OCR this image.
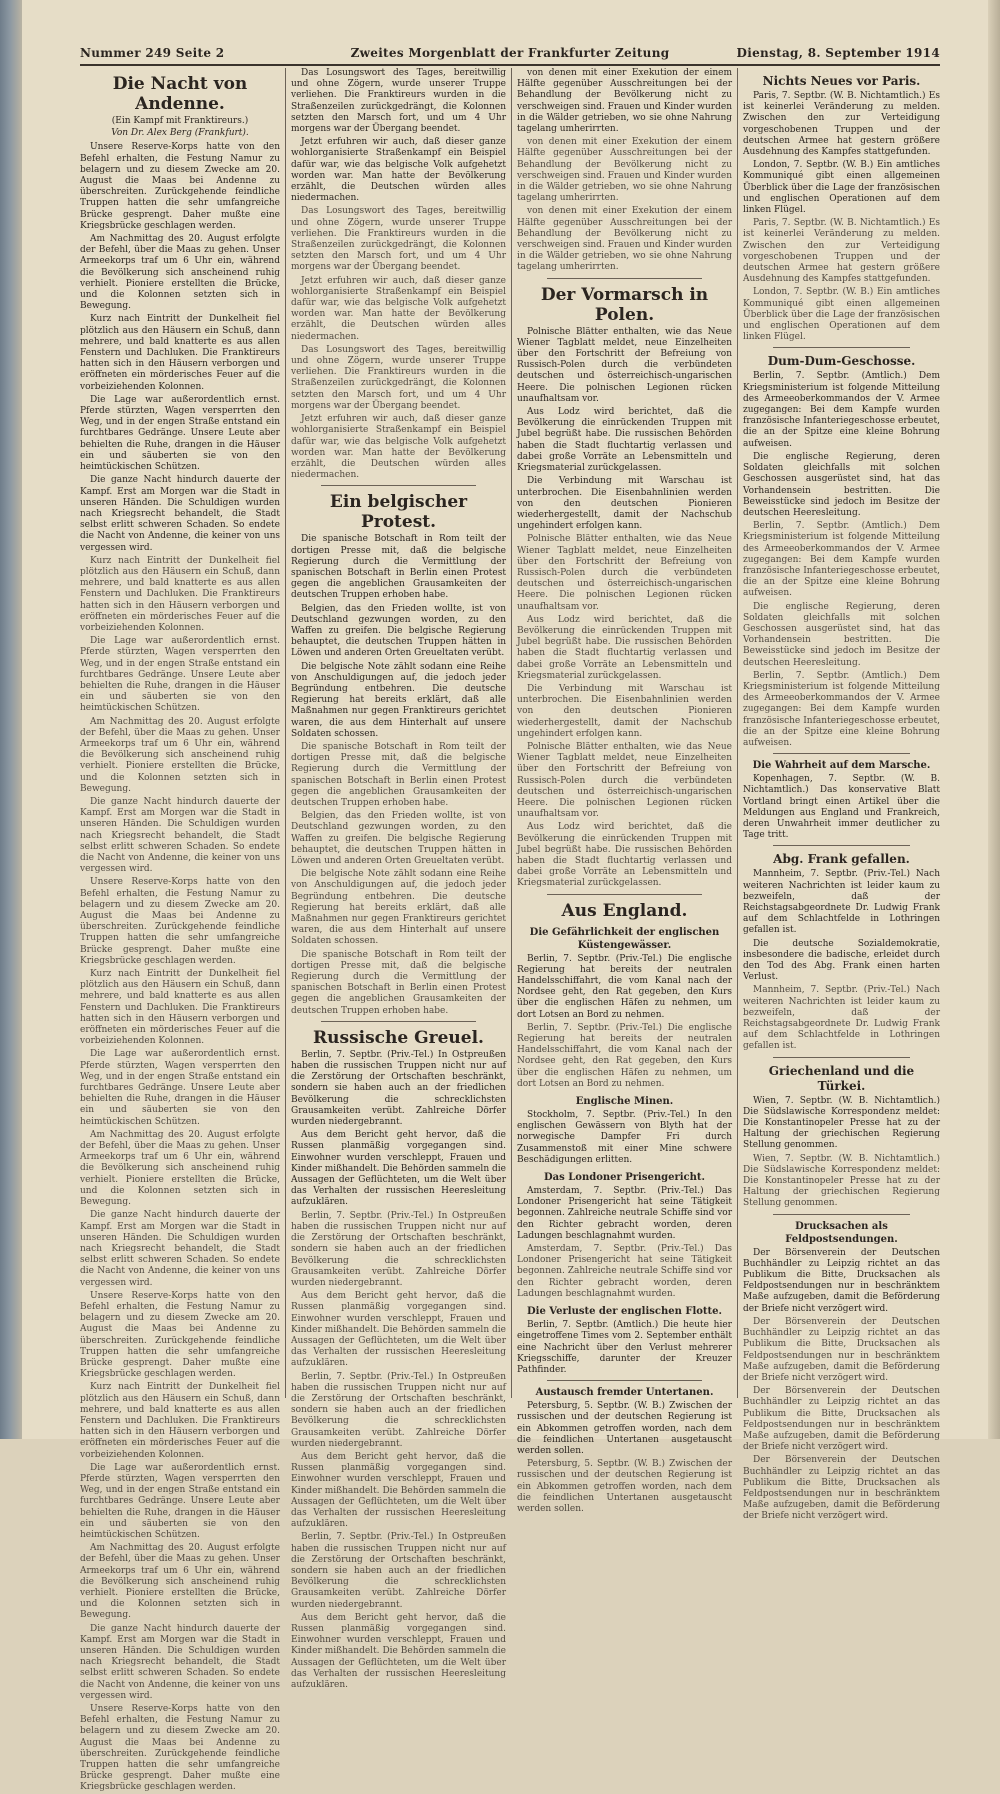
Nummer 249 Seite 2	Zweites Morgenblatt der Frankfurter Zeitung	Dienstag, 8. September 1914
Die Nacht von Andenne.
(Ein Kampf mit Franktireurs.)
Von Dr. Alex Berg (Frankfurt).

Unsere Reserve-Korps hatte von den Befehl erhalten, die Festung Namur zu belagern und zu diesem Zwecke am 20. August die Maas bei Andenne zu überschreiten. Zurückgehende feindliche Truppen hatten die sehr umfangreiche Brücke gesprengt. Daher mußte eine Kriegsbrücke geschlagen werden.

Am Nachmittag des 20. August erfolgte der Befehl, über die Maas zu gehen. Unser Armeekorps traf um 6 Uhr ein, während die Bevölkerung sich anscheinend ruhig verhielt. Pioniere erstellten die Brücke, und die Kolonnen setzten sich in Bewegung.

Kurz nach Eintritt der Dunkelheit fiel plötzlich aus den Häusern ein Schuß, dann mehrere, und bald knatterte es aus allen Fenstern und Dachluken. Die Franktireurs hatten sich in den Häusern verborgen und eröffneten ein mörderisches Feuer auf die vorbeiziehenden Kolonnen.

Die Lage war außerordentlich ernst. Pferde stürzten, Wagen versperrten den Weg, und in der engen Straße entstand ein furchtbares Gedränge. Unsere Leute aber behielten die Ruhe, drangen in die Häuser ein und säuberten sie von den heimtückischen Schützen.

Die ganze Nacht hindurch dauerte der Kampf. Erst am Morgen war die Stadt in unseren Händen. Die Schuldigen wurden nach Kriegsrecht behandelt, die Stadt selbst erlitt schweren Schaden. So endete die Nacht von Andenne, die keiner von uns vergessen wird.

Kurz nach Eintritt der Dunkelheit fiel plötzlich aus den Häusern ein Schuß, dann mehrere, und bald knatterte es aus allen Fenstern und Dachluken. Die Franktireurs hatten sich in den Häusern verborgen und eröffneten ein mörderisches Feuer auf die vorbeiziehenden Kolonnen.

Die Lage war außerordentlich ernst. Pferde stürzten, Wagen versperrten den Weg, und in der engen Straße entstand ein furchtbares Gedränge. Unsere Leute aber behielten die Ruhe, drangen in die Häuser ein und säuberten sie von den heimtückischen Schützen.

Am Nachmittag des 20. August erfolgte der Befehl, über die Maas zu gehen. Unser Armeekorps traf um 6 Uhr ein, während die Bevölkerung sich anscheinend ruhig verhielt. Pioniere erstellten die Brücke, und die Kolonnen setzten sich in Bewegung.

Die ganze Nacht hindurch dauerte der Kampf. Erst am Morgen war die Stadt in unseren Händen. Die Schuldigen wurden nach Kriegsrecht behandelt, die Stadt selbst erlitt schweren Schaden. So endete die Nacht von Andenne, die keiner von uns vergessen wird.

Unsere Reserve-Korps hatte von den Befehl erhalten, die Festung Namur zu belagern und zu diesem Zwecke am 20. August die Maas bei Andenne zu überschreiten. Zurückgehende feindliche Truppen hatten die sehr umfangreiche Brücke gesprengt. Daher mußte eine Kriegsbrücke geschlagen werden.

Kurz nach Eintritt der Dunkelheit fiel plötzlich aus den Häusern ein Schuß, dann mehrere, und bald knatterte es aus allen Fenstern und Dachluken. Die Franktireurs hatten sich in den Häusern verborgen und eröffneten ein mörderisches Feuer auf die vorbeiziehenden Kolonnen.

Die Lage war außerordentlich ernst. Pferde stürzten, Wagen versperrten den Weg, und in der engen Straße entstand ein furchtbares Gedränge. Unsere Leute aber behielten die Ruhe, drangen in die Häuser ein und säuberten sie von den heimtückischen Schützen.

Am Nachmittag des 20. August erfolgte der Befehl, über die Maas zu gehen. Unser Armeekorps traf um 6 Uhr ein, während die Bevölkerung sich anscheinend ruhig verhielt. Pioniere erstellten die Brücke, und die Kolonnen setzten sich in Bewegung.

Die ganze Nacht hindurch dauerte der Kampf. Erst am Morgen war die Stadt in unseren Händen. Die Schuldigen wurden nach Kriegsrecht behandelt, die Stadt selbst erlitt schweren Schaden. So endete die Nacht von Andenne, die keiner von uns vergessen wird.

Unsere Reserve-Korps hatte von den Befehl erhalten, die Festung Namur zu belagern und zu diesem Zwecke am 20. August die Maas bei Andenne zu überschreiten. Zurückgehende feindliche Truppen hatten die sehr umfangreiche Brücke gesprengt. Daher mußte eine Kriegsbrücke geschlagen werden.

Kurz nach Eintritt der Dunkelheit fiel plötzlich aus den Häusern ein Schuß, dann mehrere, und bald knatterte es aus allen Fenstern und Dachluken. Die Franktireurs hatten sich in den Häusern verborgen und eröffneten ein mörderisches Feuer auf die vorbeiziehenden Kolonnen.

Die Lage war außerordentlich ernst. Pferde stürzten, Wagen versperrten den Weg, und in der engen Straße entstand ein furchtbares Gedränge. Unsere Leute aber behielten die Ruhe, drangen in die Häuser ein und säuberten sie von den heimtückischen Schützen.

Am Nachmittag des 20. August erfolgte der Befehl, über die Maas zu gehen. Unser Armeekorps traf um 6 Uhr ein, während die Bevölkerung sich anscheinend ruhig verhielt. Pioniere erstellten die Brücke, und die Kolonnen setzten sich in Bewegung.

Die ganze Nacht hindurch dauerte der Kampf. Erst am Morgen war die Stadt in unseren Händen. Die Schuldigen wurden nach Kriegsrecht behandelt, die Stadt selbst erlitt schweren Schaden. So endete die Nacht von Andenne, die keiner von uns vergessen wird.

Unsere Reserve-Korps hatte von den Befehl erhalten, die Festung Namur zu belagern und zu diesem Zwecke am 20. August die Maas bei Andenne zu überschreiten. Zurückgehende feindliche Truppen hatten die sehr umfangreiche Brücke gesprengt. Daher mußte eine Kriegsbrücke geschlagen werden.

Das Losungswort des Tages, bereitwillig und ohne Zögern, wurde unserer Truppe verliehen. Die Franktireurs wurden in die Straßenzeilen zurückgedrängt, die Kolonnen setzten den Marsch fort, und um 4 Uhr morgens war der Übergang beendet.

Jetzt erfuhren wir auch, daß dieser ganze wohlorganisierte Straßenkampf ein Beispiel dafür war, wie das belgische Volk aufgehetzt worden war. Man hatte der Bevölkerung erzählt, die Deutschen würden alles niedermachen.

Das Losungswort des Tages, bereitwillig und ohne Zögern, wurde unserer Truppe verliehen. Die Franktireurs wurden in die Straßenzeilen zurückgedrängt, die Kolonnen setzten den Marsch fort, und um 4 Uhr morgens war der Übergang beendet.

Jetzt erfuhren wir auch, daß dieser ganze wohlorganisierte Straßenkampf ein Beispiel dafür war, wie das belgische Volk aufgehetzt worden war. Man hatte der Bevölkerung erzählt, die Deutschen würden alles niedermachen.

Das Losungswort des Tages, bereitwillig und ohne Zögern, wurde unserer Truppe verliehen. Die Franktireurs wurden in die Straßenzeilen zurückgedrängt, die Kolonnen setzten den Marsch fort, und um 4 Uhr morgens war der Übergang beendet.

Jetzt erfuhren wir auch, daß dieser ganze wohlorganisierte Straßenkampf ein Beispiel dafür war, wie das belgische Volk aufgehetzt worden war. Man hatte der Bevölkerung erzählt, die Deutschen würden alles niedermachen.

Ein belgischer Protest.

Die spanische Botschaft in Rom teilt der dortigen Presse mit, daß die belgische Regierung durch die Vermittlung der spanischen Botschaft in Berlin einen Protest gegen die angeblichen Grausamkeiten der deutschen Truppen erhoben habe.

Belgien, das den Frieden wollte, ist von Deutschland gezwungen worden, zu den Waffen zu greifen. Die belgische Regierung behauptet, die deutschen Truppen hätten in Löwen und anderen Orten Greueltaten verübt.

Die belgische Note zählt sodann eine Reihe von Anschuldigungen auf, die jedoch jeder Begründung entbehren. Die deutsche Regierung hat bereits erklärt, daß alle Maßnahmen nur gegen Franktireurs gerichtet waren, die aus dem Hinterhalt auf unsere Soldaten schossen.

Die spanische Botschaft in Rom teilt der dortigen Presse mit, daß die belgische Regierung durch die Vermittlung der spanischen Botschaft in Berlin einen Protest gegen die angeblichen Grausamkeiten der deutschen Truppen erhoben habe.

Belgien, das den Frieden wollte, ist von Deutschland gezwungen worden, zu den Waffen zu greifen. Die belgische Regierung behauptet, die deutschen Truppen hätten in Löwen und anderen Orten Greueltaten verübt.

Die belgische Note zählt sodann eine Reihe von Anschuldigungen auf, die jedoch jeder Begründung entbehren. Die deutsche Regierung hat bereits erklärt, daß alle Maßnahmen nur gegen Franktireurs gerichtet waren, die aus dem Hinterhalt auf unsere Soldaten schossen.

Die spanische Botschaft in Rom teilt der dortigen Presse mit, daß die belgische Regierung durch die Vermittlung der spanischen Botschaft in Berlin einen Protest gegen die angeblichen Grausamkeiten der deutschen Truppen erhoben habe.

Russische Greuel.

Berlin, 7. Septbr. (Priv.-Tel.) In Ostpreußen haben die russischen Truppen nicht nur auf die Zerstörung der Ortschaften beschränkt, sondern sie haben auch an der friedlichen Bevölkerung die schrecklichsten Grausamkeiten verübt. Zahlreiche Dörfer wurden niedergebrannt.

Aus dem Bericht geht hervor, daß die Russen planmäßig vorgegangen sind. Einwohner wurden verschleppt, Frauen und Kinder mißhandelt. Die Behörden sammeln die Aussagen der Geflüchteten, um die Welt über das Verhalten der russischen Heeresleitung aufzuklären.

Berlin, 7. Septbr. (Priv.-Tel.) In Ostpreußen haben die russischen Truppen nicht nur auf die Zerstörung der Ortschaften beschränkt, sondern sie haben auch an der friedlichen Bevölkerung die schrecklichsten Grausamkeiten verübt. Zahlreiche Dörfer wurden niedergebrannt.

Aus dem Bericht geht hervor, daß die Russen planmäßig vorgegangen sind. Einwohner wurden verschleppt, Frauen und Kinder mißhandelt. Die Behörden sammeln die Aussagen der Geflüchteten, um die Welt über das Verhalten der russischen Heeresleitung aufzuklären.

Berlin, 7. Septbr. (Priv.-Tel.) In Ostpreußen haben die russischen Truppen nicht nur auf die Zerstörung der Ortschaften beschränkt, sondern sie haben auch an der friedlichen Bevölkerung die schrecklichsten Grausamkeiten verübt. Zahlreiche Dörfer wurden niedergebrannt.

Aus dem Bericht geht hervor, daß die Russen planmäßig vorgegangen sind. Einwohner wurden verschleppt, Frauen und Kinder mißhandelt. Die Behörden sammeln die Aussagen der Geflüchteten, um die Welt über das Verhalten der russischen Heeresleitung aufzuklären.

Berlin, 7. Septbr. (Priv.-Tel.) In Ostpreußen haben die russischen Truppen nicht nur auf die Zerstörung der Ortschaften beschränkt, sondern sie haben auch an der friedlichen Bevölkerung die schrecklichsten Grausamkeiten verübt. Zahlreiche Dörfer wurden niedergebrannt.

Aus dem Bericht geht hervor, daß die Russen planmäßig vorgegangen sind. Einwohner wurden verschleppt, Frauen und Kinder mißhandelt. Die Behörden sammeln die Aussagen der Geflüchteten, um die Welt über das Verhalten der russischen Heeresleitung aufzuklären.

von denen mit einer Exekution der einem Hälfte gegenüber Ausschreitungen bei der Behandlung der Bevölkerung nicht zu verschweigen sind. Frauen und Kinder wurden in die Wälder getrieben, wo sie ohne Nahrung tagelang umherirrten.

von denen mit einer Exekution der einem Hälfte gegenüber Ausschreitungen bei der Behandlung der Bevölkerung nicht zu verschweigen sind. Frauen und Kinder wurden in die Wälder getrieben, wo sie ohne Nahrung tagelang umherirrten.

von denen mit einer Exekution der einem Hälfte gegenüber Ausschreitungen bei der Behandlung der Bevölkerung nicht zu verschweigen sind. Frauen und Kinder wurden in die Wälder getrieben, wo sie ohne Nahrung tagelang umherirrten.

Der Vormarsch in Polen.

Polnische Blätter enthalten, wie das Neue Wiener Tagblatt meldet, neue Einzelheiten über den Fortschritt der Befreiung von Russisch-Polen durch die verbündeten deutschen und österreichisch-ungarischen Heere. Die polnischen Legionen rücken unaufhaltsam vor.

Aus Lodz wird berichtet, daß die Bevölkerung die einrückenden Truppen mit Jubel begrüßt habe. Die russischen Behörden haben die Stadt fluchtartig verlassen und dabei große Vorräte an Lebensmitteln und Kriegsmaterial zurückgelassen.

Die Verbindung mit Warschau ist unterbrochen. Die Eisenbahnlinien werden von den deutschen Pionieren wiederhergestellt, damit der Nachschub ungehindert erfolgen kann.

Polnische Blätter enthalten, wie das Neue Wiener Tagblatt meldet, neue Einzelheiten über den Fortschritt der Befreiung von Russisch-Polen durch die verbündeten deutschen und österreichisch-ungarischen Heere. Die polnischen Legionen rücken unaufhaltsam vor.

Aus Lodz wird berichtet, daß die Bevölkerung die einrückenden Truppen mit Jubel begrüßt habe. Die russischen Behörden haben die Stadt fluchtartig verlassen und dabei große Vorräte an Lebensmitteln und Kriegsmaterial zurückgelassen.

Die Verbindung mit Warschau ist unterbrochen. Die Eisenbahnlinien werden von den deutschen Pionieren wiederhergestellt, damit der Nachschub ungehindert erfolgen kann.

Polnische Blätter enthalten, wie das Neue Wiener Tagblatt meldet, neue Einzelheiten über den Fortschritt der Befreiung von Russisch-Polen durch die verbündeten deutschen und österreichisch-ungarischen Heere. Die polnischen Legionen rücken unaufhaltsam vor.

Aus Lodz wird berichtet, daß die Bevölkerung die einrückenden Truppen mit Jubel begrüßt habe. Die russischen Behörden haben die Stadt fluchtartig verlassen und dabei große Vorräte an Lebensmitteln und Kriegsmaterial zurückgelassen.

Aus England.
Die Gefährlichkeit der englischen Küstengewässer.

Berlin, 7. Septbr. (Priv.-Tel.) Die englische Regierung hat bereits der neutralen Handelsschiffahrt, die vom Kanal nach der Nordsee geht, den Rat gegeben, den Kurs über die englischen Häfen zu nehmen, um dort Lotsen an Bord zu nehmen.

Berlin, 7. Septbr. (Priv.-Tel.) Die englische Regierung hat bereits der neutralen Handelsschiffahrt, die vom Kanal nach der Nordsee geht, den Rat gegeben, den Kurs über die englischen Häfen zu nehmen, um dort Lotsen an Bord zu nehmen.

Englische Minen.

Stockholm, 7. Septbr. (Priv.-Tel.) In den englischen Gewässern von Blyth hat der norwegische Dampfer Fri durch Zusammenstoß mit einer Mine schwere Beschädigungen erlitten.

Das Londoner Prisengericht.

Amsterdam, 7. Septbr. (Priv.-Tel.) Das Londoner Prisengericht hat seine Tätigkeit begonnen. Zahlreiche neutrale Schiffe sind vor den Richter gebracht worden, deren Ladungen beschlagnahmt wurden.

Amsterdam, 7. Septbr. (Priv.-Tel.) Das Londoner Prisengericht hat seine Tätigkeit begonnen. Zahlreiche neutrale Schiffe sind vor den Richter gebracht worden, deren Ladungen beschlagnahmt wurden.

Die Verluste der englischen Flotte.

Berlin, 7. Septbr. (Amtlich.) Die heute hier eingetroffene Times vom 2. September enthält eine Nachricht über den Verlust mehrerer Kriegsschiffe, darunter der Kreuzer Pathfinder.

Austausch fremder Untertanen.

Petersburg, 5. Septbr. (W. B.) Zwischen der russischen und der deutschen Regierung ist ein Abkommen getroffen worden, nach dem die feindlichen Untertanen ausgetauscht werden sollen.

Petersburg, 5. Septbr. (W. B.) Zwischen der russischen und der deutschen Regierung ist ein Abkommen getroffen worden, nach dem die feindlichen Untertanen ausgetauscht werden sollen.

Nichts Neues vor Paris.

Paris, 7. Septbr. (W. B. Nichtamtlich.) Es ist keinerlei Veränderung zu melden. Zwischen den zur Verteidigung vorgeschobenen Truppen und der deutschen Armee hat gestern größere Ausdehnung des Kampfes stattgefunden.

London, 7. Septbr. (W. B.) Ein amtliches Kommuniqué gibt einen allgemeinen Überblick über die Lage der französischen und englischen Operationen auf dem linken Flügel.

Paris, 7. Septbr. (W. B. Nichtamtlich.) Es ist keinerlei Veränderung zu melden. Zwischen den zur Verteidigung vorgeschobenen Truppen und der deutschen Armee hat gestern größere Ausdehnung des Kampfes stattgefunden.

London, 7. Septbr. (W. B.) Ein amtliches Kommuniqué gibt einen allgemeinen Überblick über die Lage der französischen und englischen Operationen auf dem linken Flügel.

Dum-Dum-Geschosse.

Berlin, 7. Septbr. (Amtlich.) Dem Kriegsministerium ist folgende Mitteilung des Armeeoberkommandos der V. Armee zugegangen: Bei dem Kampfe wurden französische Infanteriegeschosse erbeutet, die an der Spitze eine kleine Bohrung aufweisen.

Die englische Regierung, deren Soldaten gleichfalls mit solchen Geschossen ausgerüstet sind, hat das Vorhandensein bestritten. Die Beweisstücke sind jedoch im Besitze der deutschen Heeresleitung.

Berlin, 7. Septbr. (Amtlich.) Dem Kriegsministerium ist folgende Mitteilung des Armeeoberkommandos der V. Armee zugegangen: Bei dem Kampfe wurden französische Infanteriegeschosse erbeutet, die an der Spitze eine kleine Bohrung aufweisen.

Die englische Regierung, deren Soldaten gleichfalls mit solchen Geschossen ausgerüstet sind, hat das Vorhandensein bestritten. Die Beweisstücke sind jedoch im Besitze der deutschen Heeresleitung.

Berlin, 7. Septbr. (Amtlich.) Dem Kriegsministerium ist folgende Mitteilung des Armeeoberkommandos der V. Armee zugegangen: Bei dem Kampfe wurden französische Infanteriegeschosse erbeutet, die an der Spitze eine kleine Bohrung aufweisen.

Die Wahrheit auf dem Marsche.

Kopenhagen, 7. Septbr. (W. B. Nichtamtlich.) Das konservative Blatt Vortland bringt einen Artikel über die Meldungen aus England und Frankreich, deren Unwahrheit immer deutlicher zu Tage tritt.

Abg. Frank gefallen.

Mannheim, 7. Septbr. (Priv.-Tel.) Nach weiteren Nachrichten ist leider kaum zu bezweifeln, daß der Reichstagsabgeordnete Dr. Ludwig Frank auf dem Schlachtfelde in Lothringen gefallen ist.

Die deutsche Sozialdemokratie, insbesondere die badische, erleidet durch den Tod des Abg. Frank einen harten Verlust.

Mannheim, 7. Septbr. (Priv.-Tel.) Nach weiteren Nachrichten ist leider kaum zu bezweifeln, daß der Reichstagsabgeordnete Dr. Ludwig Frank auf dem Schlachtfelde in Lothringen gefallen ist.

Griechenland und die Türkei.

Wien, 7. Septbr. (W. B. Nichtamtlich.) Die Südslawische Korrespondenz meldet: Die Konstantinopeler Presse hat zu der Haltung der griechischen Regierung Stellung genommen.

Wien, 7. Septbr. (W. B. Nichtamtlich.) Die Südslawische Korrespondenz meldet: Die Konstantinopeler Presse hat zu der Haltung der griechischen Regierung Stellung genommen.

Drucksachen als Feldpostsendungen.

Der Börsenverein der Deutschen Buchhändler zu Leipzig richtet an das Publikum die Bitte, Drucksachen als Feldpostsendungen nur in beschränktem Maße aufzugeben, damit die Beförderung der Briefe nicht verzögert wird.

Der Börsenverein der Deutschen Buchhändler zu Leipzig richtet an das Publikum die Bitte, Drucksachen als Feldpostsendungen nur in beschränktem Maße aufzugeben, damit die Beförderung der Briefe nicht verzögert wird.

Der Börsenverein der Deutschen Buchhändler zu Leipzig richtet an das Publikum die Bitte, Drucksachen als Feldpostsendungen nur in beschränktem Maße aufzugeben, damit die Beförderung der Briefe nicht verzögert wird.

Der Börsenverein der Deutschen Buchhändler zu Leipzig richtet an das Publikum die Bitte, Drucksachen als Feldpostsendungen nur in beschränktem Maße aufzugeben, damit die Beförderung der Briefe nicht verzögert wird.
